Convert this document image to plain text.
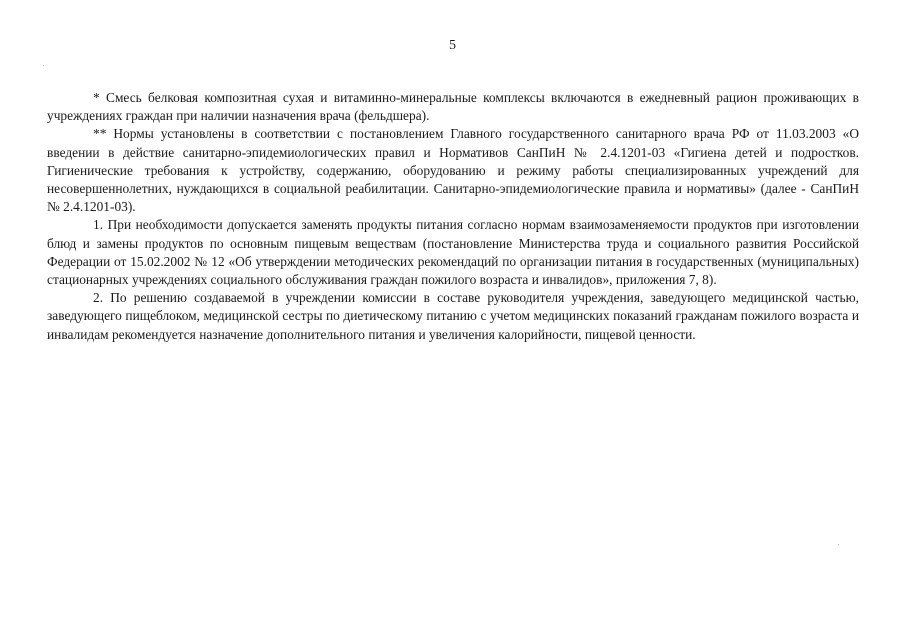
5

* Смесь белковая композитная сухая и витаминно-минеральные комплексы включаются в ежедневный рацион проживающих в учреждениях граждан при наличии назначения врача (фельдшера).

** Нормы установлены в соответствии с постановлением Главного государственного санитарного врача РФ от 11.03.2003 «О введении в действие санитарно-эпидемиологических правил и Нормативов СанПиН № 2.4.1201-03 «Гигиена детей и подростков. Гигиенические требования к устройству, содержанию, оборудованию и режиму работы специализированных учреждений для несовершеннолетних, нуждающихся в социальной реабилитации. Санитарно-эпидемиологические правила и нормативы» (далее - СанПиН № 2.4.1201-03).

1. При необходимости допускается заменять продукты питания согласно нормам взаимозаменяемости продуктов при изготовлении блюд и замены продуктов по основным пищевым веществам (постановление Министерства труда и социального развития Российской Федерации от 15.02.2002 № 12 «Об утверждении методических рекомендаций по организации питания в государственных (муниципальных) стационарных учреждениях социального обслуживания граждан пожилого возраста и инвалидов», приложения 7, 8).

2. По решению создаваемой в учреждении комиссии в составе руководителя учреждения, заведующего медицинской частью, заведующего пищеблоком, медицинской сестры по диетическому питанию с учетом медицинских показаний гражданам пожилого возраста и инвалидам рекомендуется назначение дополнительного питания и увеличения калорийности, пищевой ценности.
